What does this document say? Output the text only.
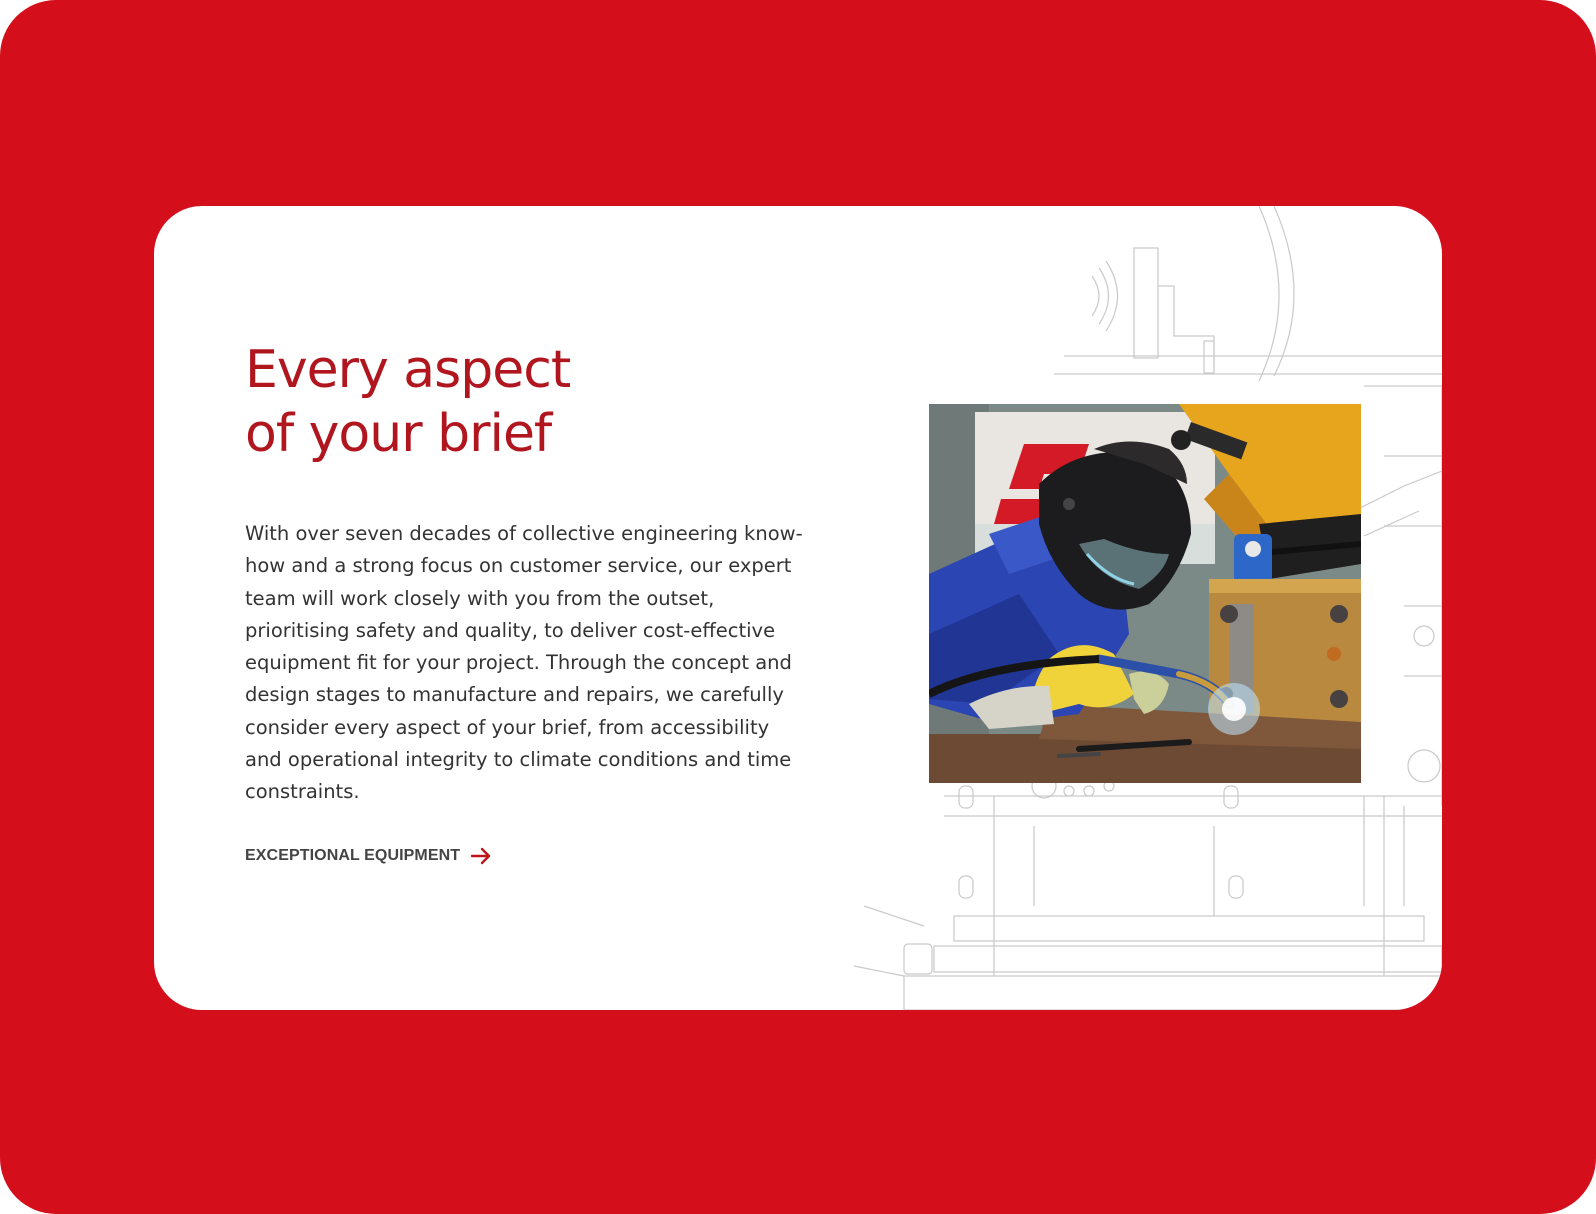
Every aspect
of your brief

With over seven decades of collective engineering know-how and a strong focus on customer service, our expert team will work closely with you from the outset, prioritising safety and quality, to deliver cost-effective equipment fit for your project. Through the concept and design stages to manufacture and repairs, we carefully consider every aspect of your brief, from accessibility and operational integrity to climate conditions and time constraints.

EXCEPTIONAL EQUIPMENT
